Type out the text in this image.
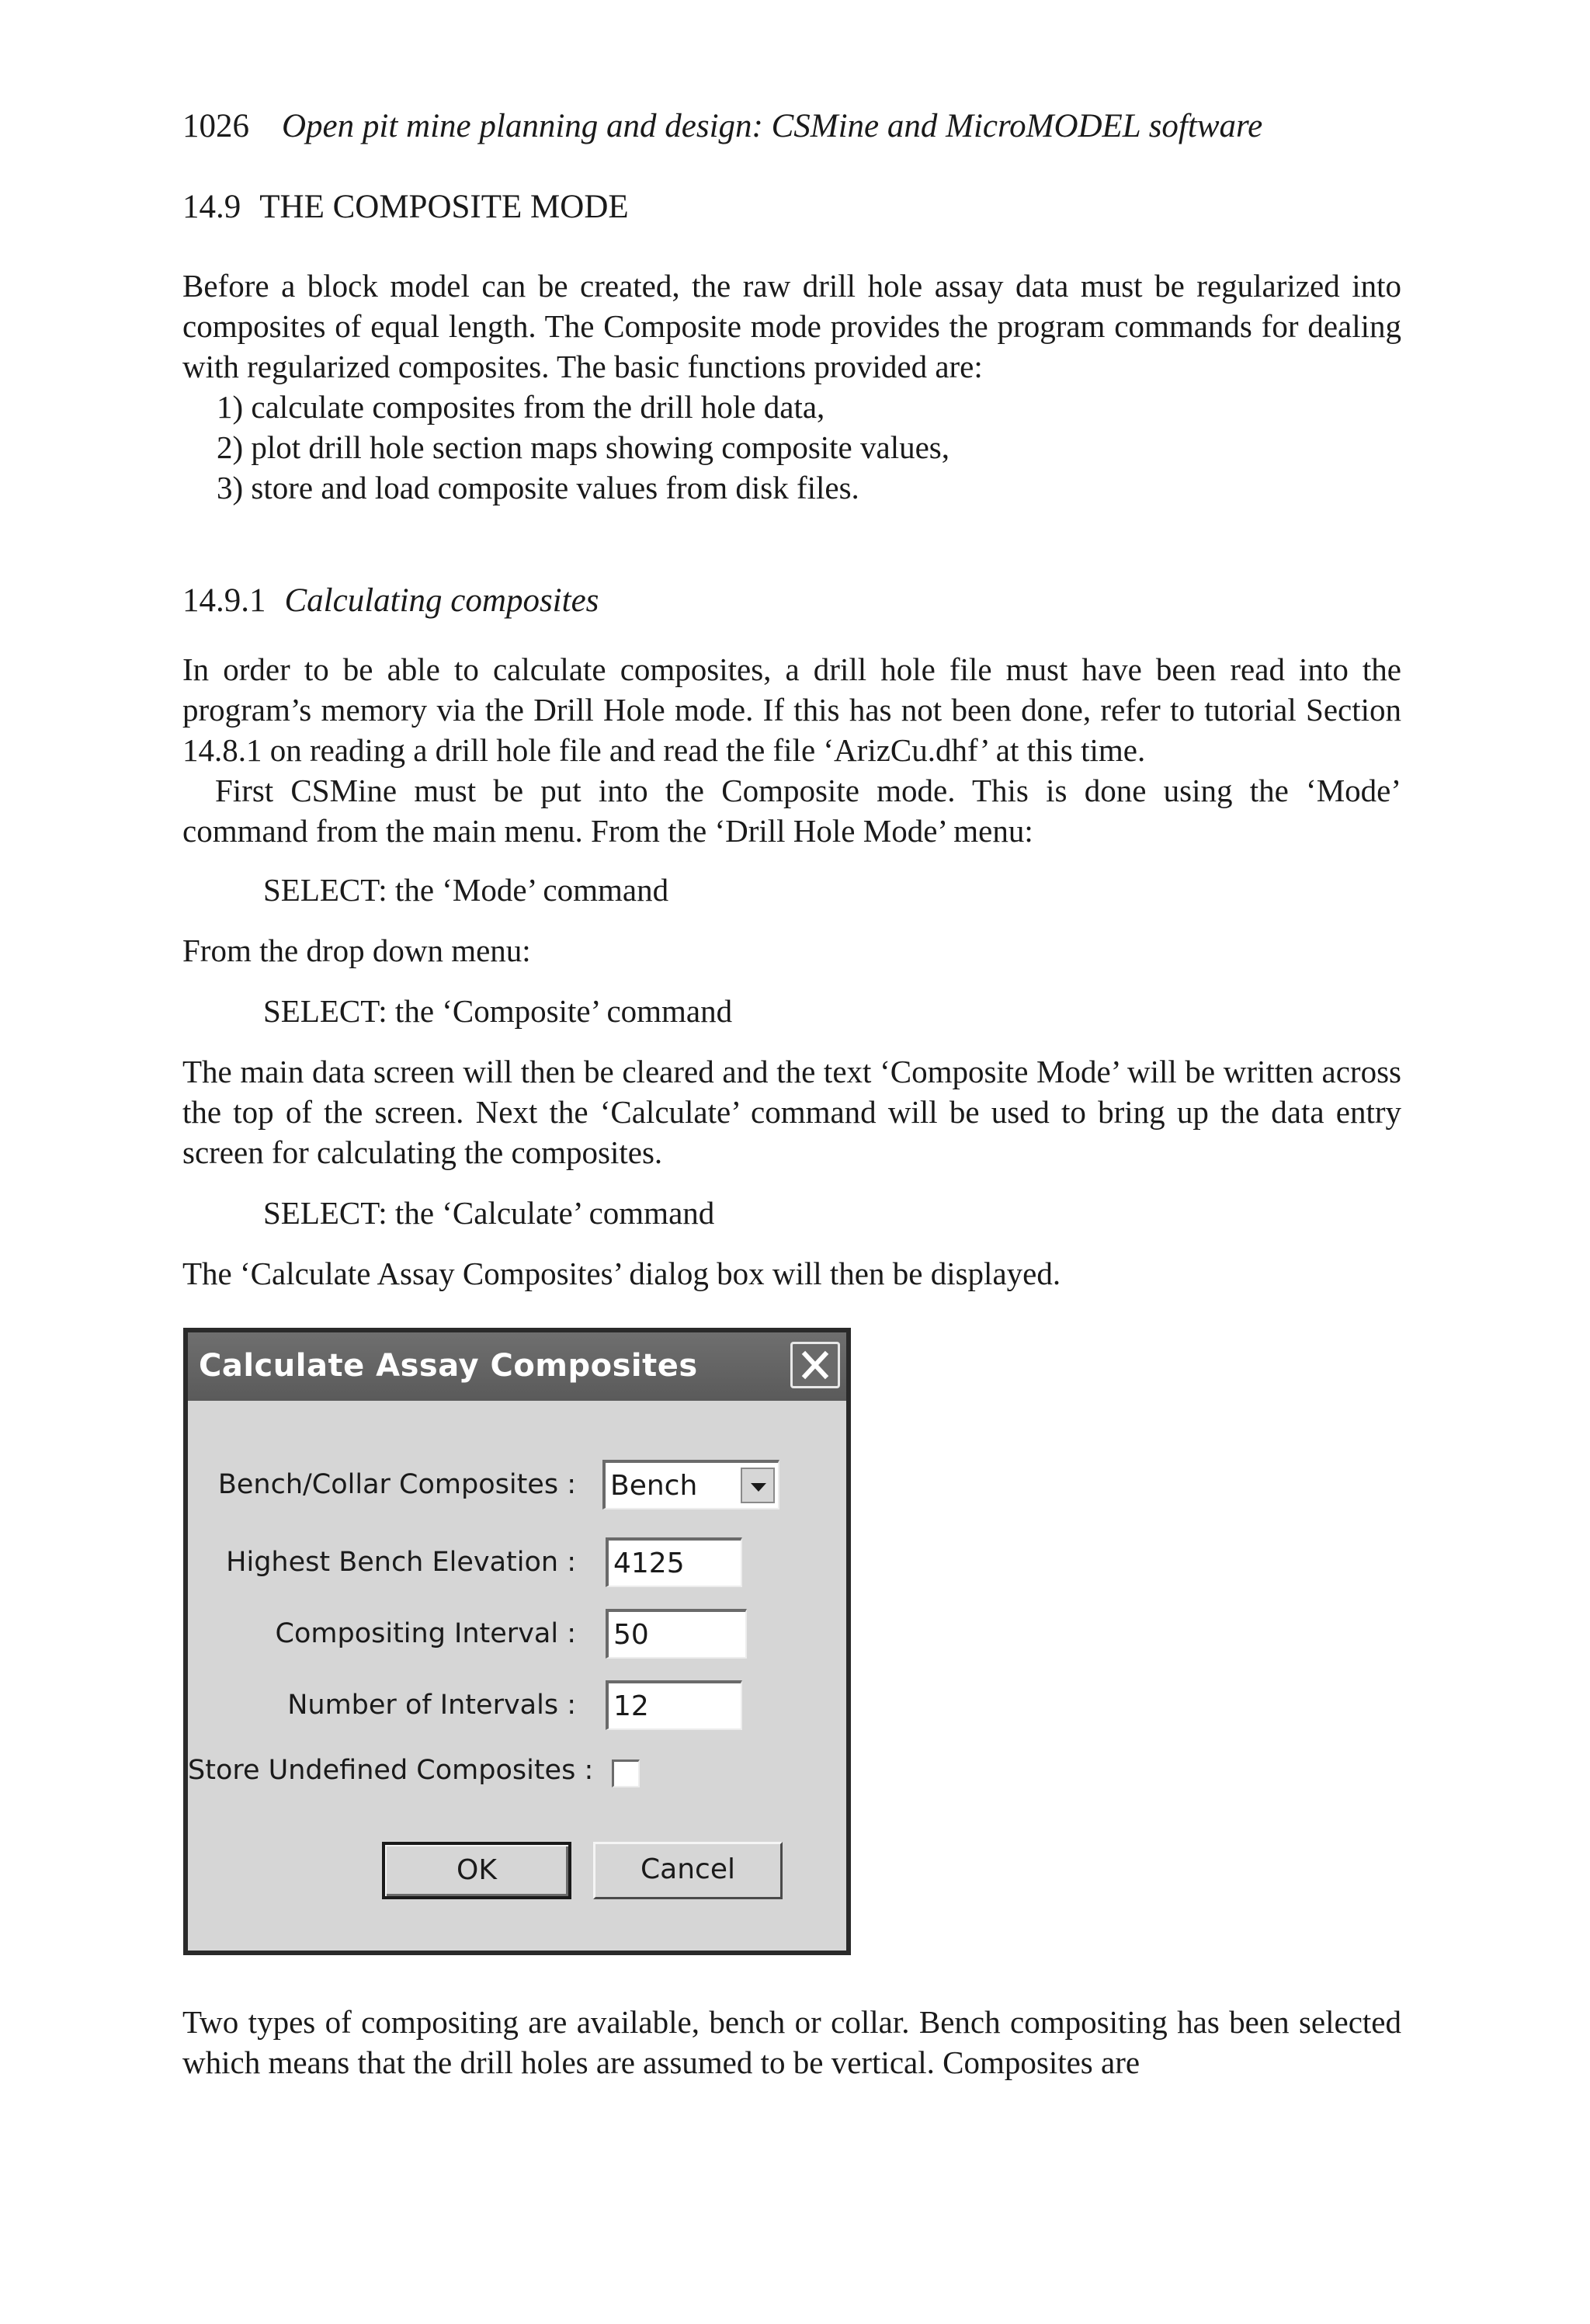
1026 Open pit mine planning and design: CSMine and MicroMODEL software
14.9 THE COMPOSITE MODE

Before a block model can be created, the raw drill hole assay data must be regularized into composites of equal length. The Composite mode provides the program commands for dealing with regularized composites. The basic functions provided are:

1) calculate composites from the drill hole data,
2) plot drill hole section maps showing composite values,
3) store and load composite values from disk files.
14.9.1 Calculating composites

In order to be able to calculate composites, a drill hole file must have been read into the program’s memory via the Drill Hole mode. If this has not been done, refer to tutorial Section 14.8.1 on reading a drill hole file and read the file ‘ArizCu.dhf’ at this time.

First CSMine must be put into the Composite mode. This is done using the ‘Mode’ command from the main menu. From the ‘Drill Hole Mode’ menu:

SELECT: the ‘Mode’ command
From the drop down menu:
SELECT: the ‘Composite’ command

The main data screen will then be cleared and the text ‘Composite Mode’ will be written across the top of the screen. Next the ‘Calculate’ command will be used to bring up the data entry screen for calculating the composites.

SELECT: the ‘Calculate’ command
The ‘Calculate Assay Composites’ dialog box will then be displayed.

Two types of compositing are available, bench or collar. Bench compositing has been selected which means that the drill holes are assumed to be vertical. Composites are

Calculate Assay Composites
Bench/Collar Composites : Bench
Highest Bench Elevation : 4125
Compositing Interval : 50
Number of Intervals : 12
Store Undefined Composites :
OK	Cancel
